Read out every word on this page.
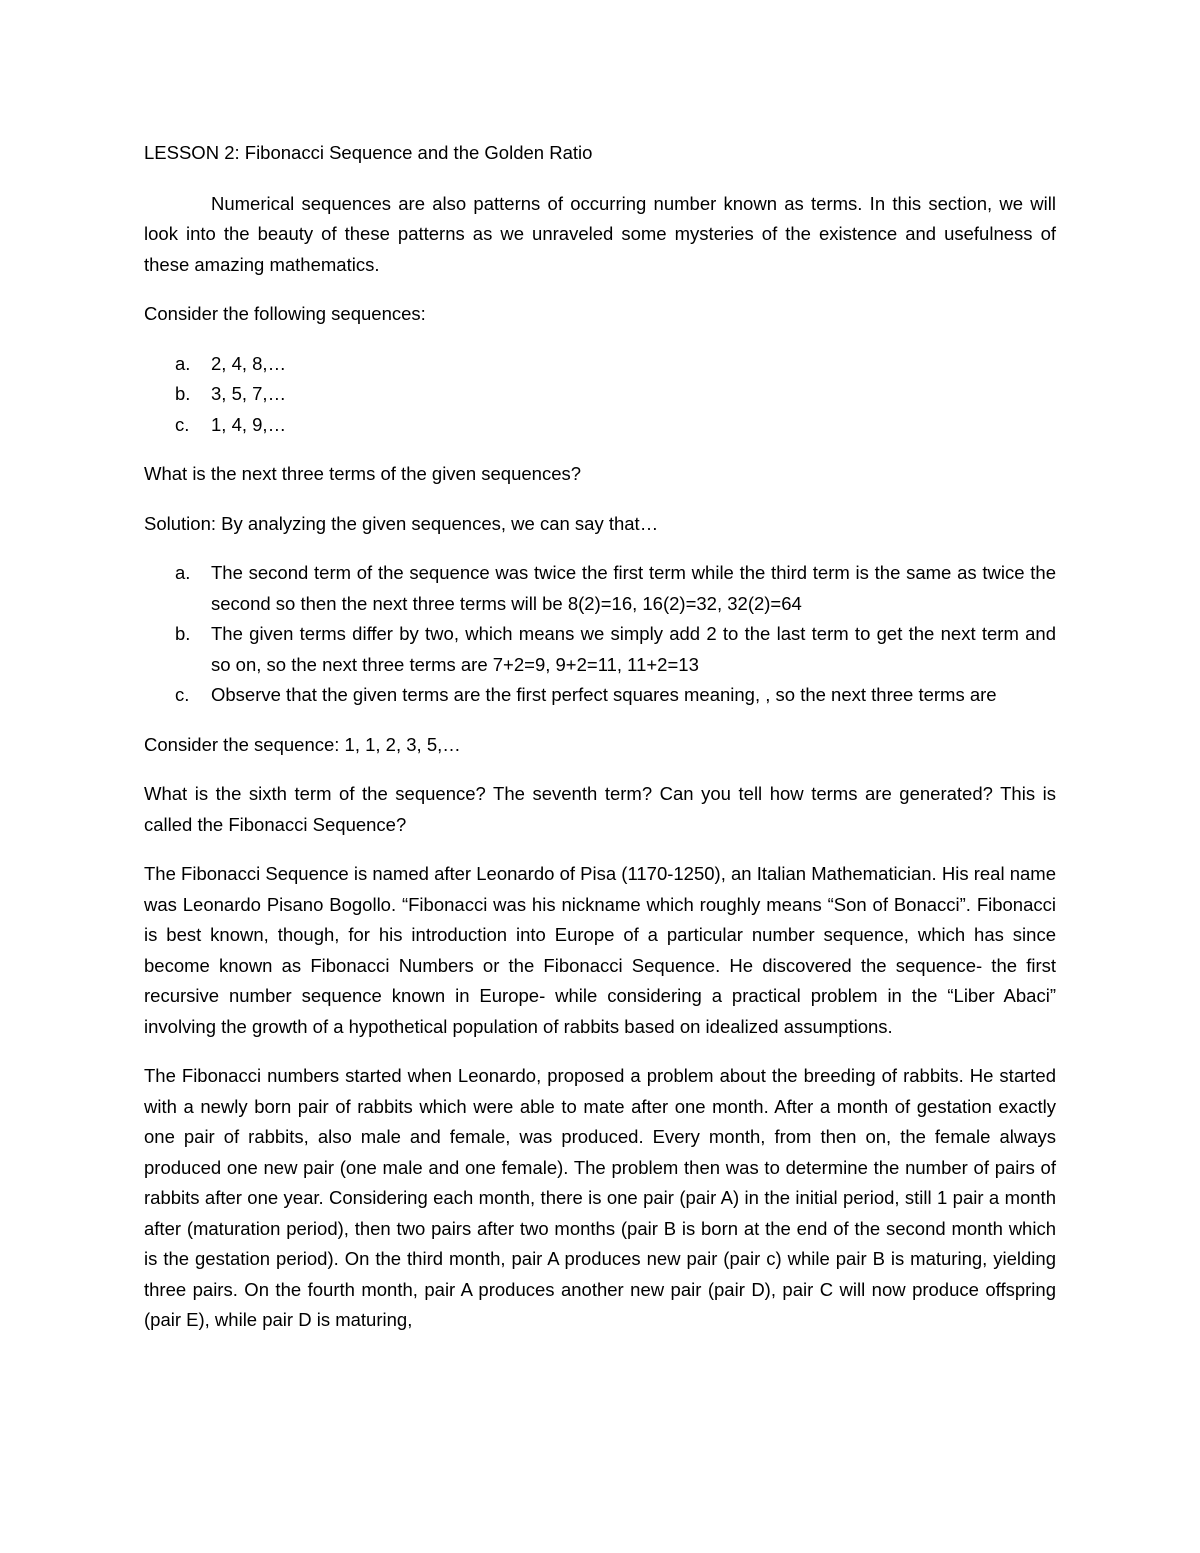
LESSON 2: Fibonacci Sequence and the Golden Ratio

Numerical sequences are also patterns of occurring number known as terms. In this section, we will look into the beauty of these patterns as we unraveled some mysteries of the existence and usefulness of these amazing mathematics.

Consider the following sequences:

a. 2, 4, 8,…
b. 3, 5, 7,…
c. 1, 4, 9,…

What is the next three terms of the given sequences?

Solution: By analyzing the given sequences, we can say that…

a. The second term of the sequence was twice the first term while the third term is the same as twice the second so then the next three terms will be 8(2)=16, 16(2)=32, 32(2)=64
b. The given terms differ by two, which means we simply add 2 to the last term to get the next term and so on, so the next three terms are 7+2=9, 9+2=11, 11+2=13
c. Observe that the given terms are the first perfect squares meaning, , so the next three terms are

Consider the sequence: 1, 1, 2, 3, 5,…

What is the sixth term of the sequence? The seventh term? Can you tell how terms are generated? This is called the Fibonacci Sequence?

The Fibonacci Sequence is named after Leonardo of Pisa (1170-1250), an Italian Mathematician. His real name was Leonardo Pisano Bogollo. “Fibonacci was his nickname which roughly means “Son of Bonacci”. Fibonacci is best known, though, for his introduction into Europe of a particular number sequence, which has since become known as Fibonacci Numbers or the Fibonacci Sequence. He discovered the sequence- the first recursive number sequence known in Europe- while considering a practical problem in the “Liber Abaci” involving the growth of a hypothetical population of rabbits based on idealized assumptions.

The Fibonacci numbers started when Leonardo, proposed a problem about the breeding of rabbits. He started with a newly born pair of rabbits which were able to mate after one month. After a month of gestation exactly one pair of rabbits, also male and female, was produced. Every month, from then on, the female always produced one new pair (one male and one female). The problem then was to determine the number of pairs of rabbits after one year. Considering each month, there is one pair (pair A) in the initial period, still 1 pair a month after (maturation period), then two pairs after two months (pair B is born at the end of the second month which is the gestation period). On the third month, pair A produces new pair (pair c) while pair B is maturing, yielding three pairs. On the fourth month, pair A produces another new pair (pair D), pair C will now produce offspring (pair E), while pair D is maturing,
